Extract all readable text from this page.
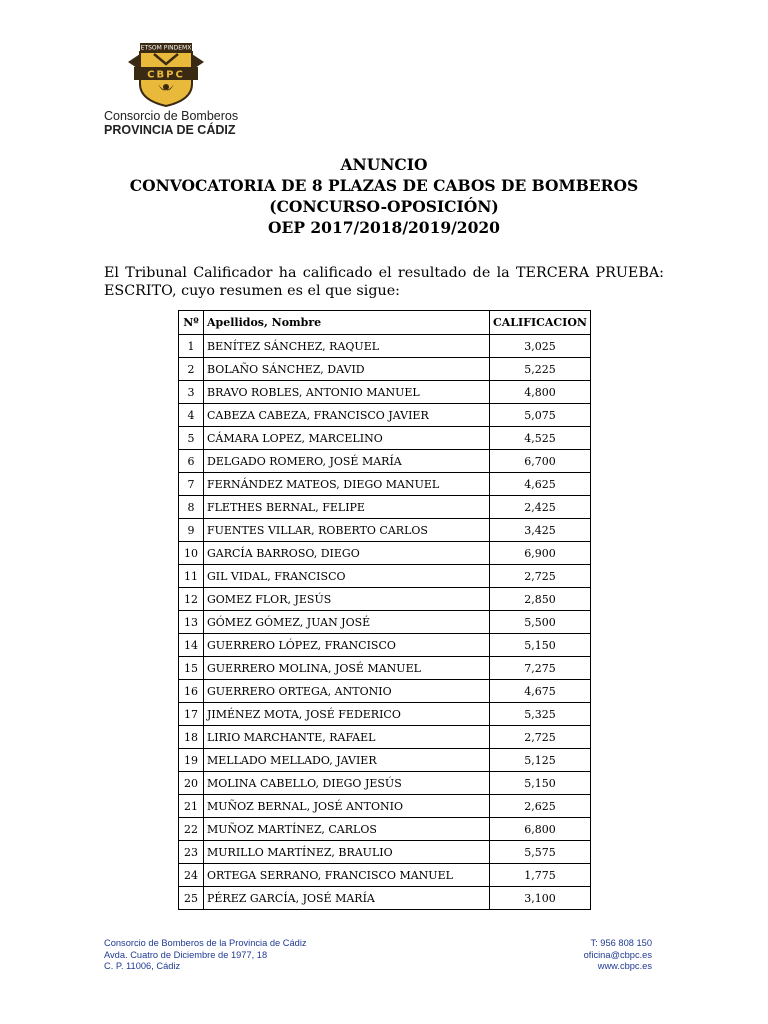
ETSOM PINDEMX
CBPC
Consorcio de Bomberos
PROVINCIA DE CÁDIZ
ANUNCIO
CONVOCATORIA DE 8 PLAZAS DE CABOS DE BOMBEROS
(CONCURSO-OPOSICIÓN)
OEP 2017/2018/2019/2020
El Tribunal Calificador ha calificado el resultado de la TERCERA PRUEBA: ESCRITO, cuyo resumen es el que sigue:
Nº	Apellidos, Nombre	CALIFICACION
1	BENÍTEZ SÁNCHEZ, RAQUEL	3,025
2	BOLAÑO SÁNCHEZ, DAVID	5,225
3	BRAVO ROBLES, ANTONIO MANUEL	4,800
4	CABEZA CABEZA, FRANCISCO JAVIER	5,075
5	CÁMARA LOPEZ, MARCELINO	4,525
6	DELGADO ROMERO, JOSÉ MARÍA	6,700
7	FERNÁNDEZ MATEOS, DIEGO MANUEL	4,625
8	FLETHES BERNAL, FELIPE	2,425
9	FUENTES VILLAR, ROBERTO CARLOS	3,425
10	GARCÍA BARROSO, DIEGO	6,900
11	GIL VIDAL, FRANCISCO	2,725
12	GOMEZ FLOR, JESÚS	2,850
13	GÓMEZ GÓMEZ, JUAN JOSÉ	5,500
14	GUERRERO LÓPEZ, FRANCISCO	5,150
15	GUERRERO MOLINA, JOSÉ MANUEL	7,275
16	GUERRERO ORTEGA, ANTONIO	4,675
17	JIMÉNEZ MOTA, JOSÉ FEDERICO	5,325
18	LIRIO MARCHANTE, RAFAEL	2,725
19	MELLADO MELLADO, JAVIER	5,125
20	MOLINA CABELLO, DIEGO JESÚS	5,150
21	MUÑOZ BERNAL, JOSÉ ANTONIO	2,625
22	MUÑOZ MARTÍNEZ, CARLOS	6,800
23	MURILLO MARTÍNEZ, BRAULIO	5,575
24	ORTEGA SERRANO, FRANCISCO MANUEL	1,775
25	PÉREZ GARCÍA, JOSÉ MARÍA	3,100
Consorcio de Bomberos de la Provincia de Cádiz
Avda. Cuatro de Diciembre de 1977, 18
C. P. 11006, Cádiz
T: 956 808 150
oficina@cbpc.es
www.cbpc.es
